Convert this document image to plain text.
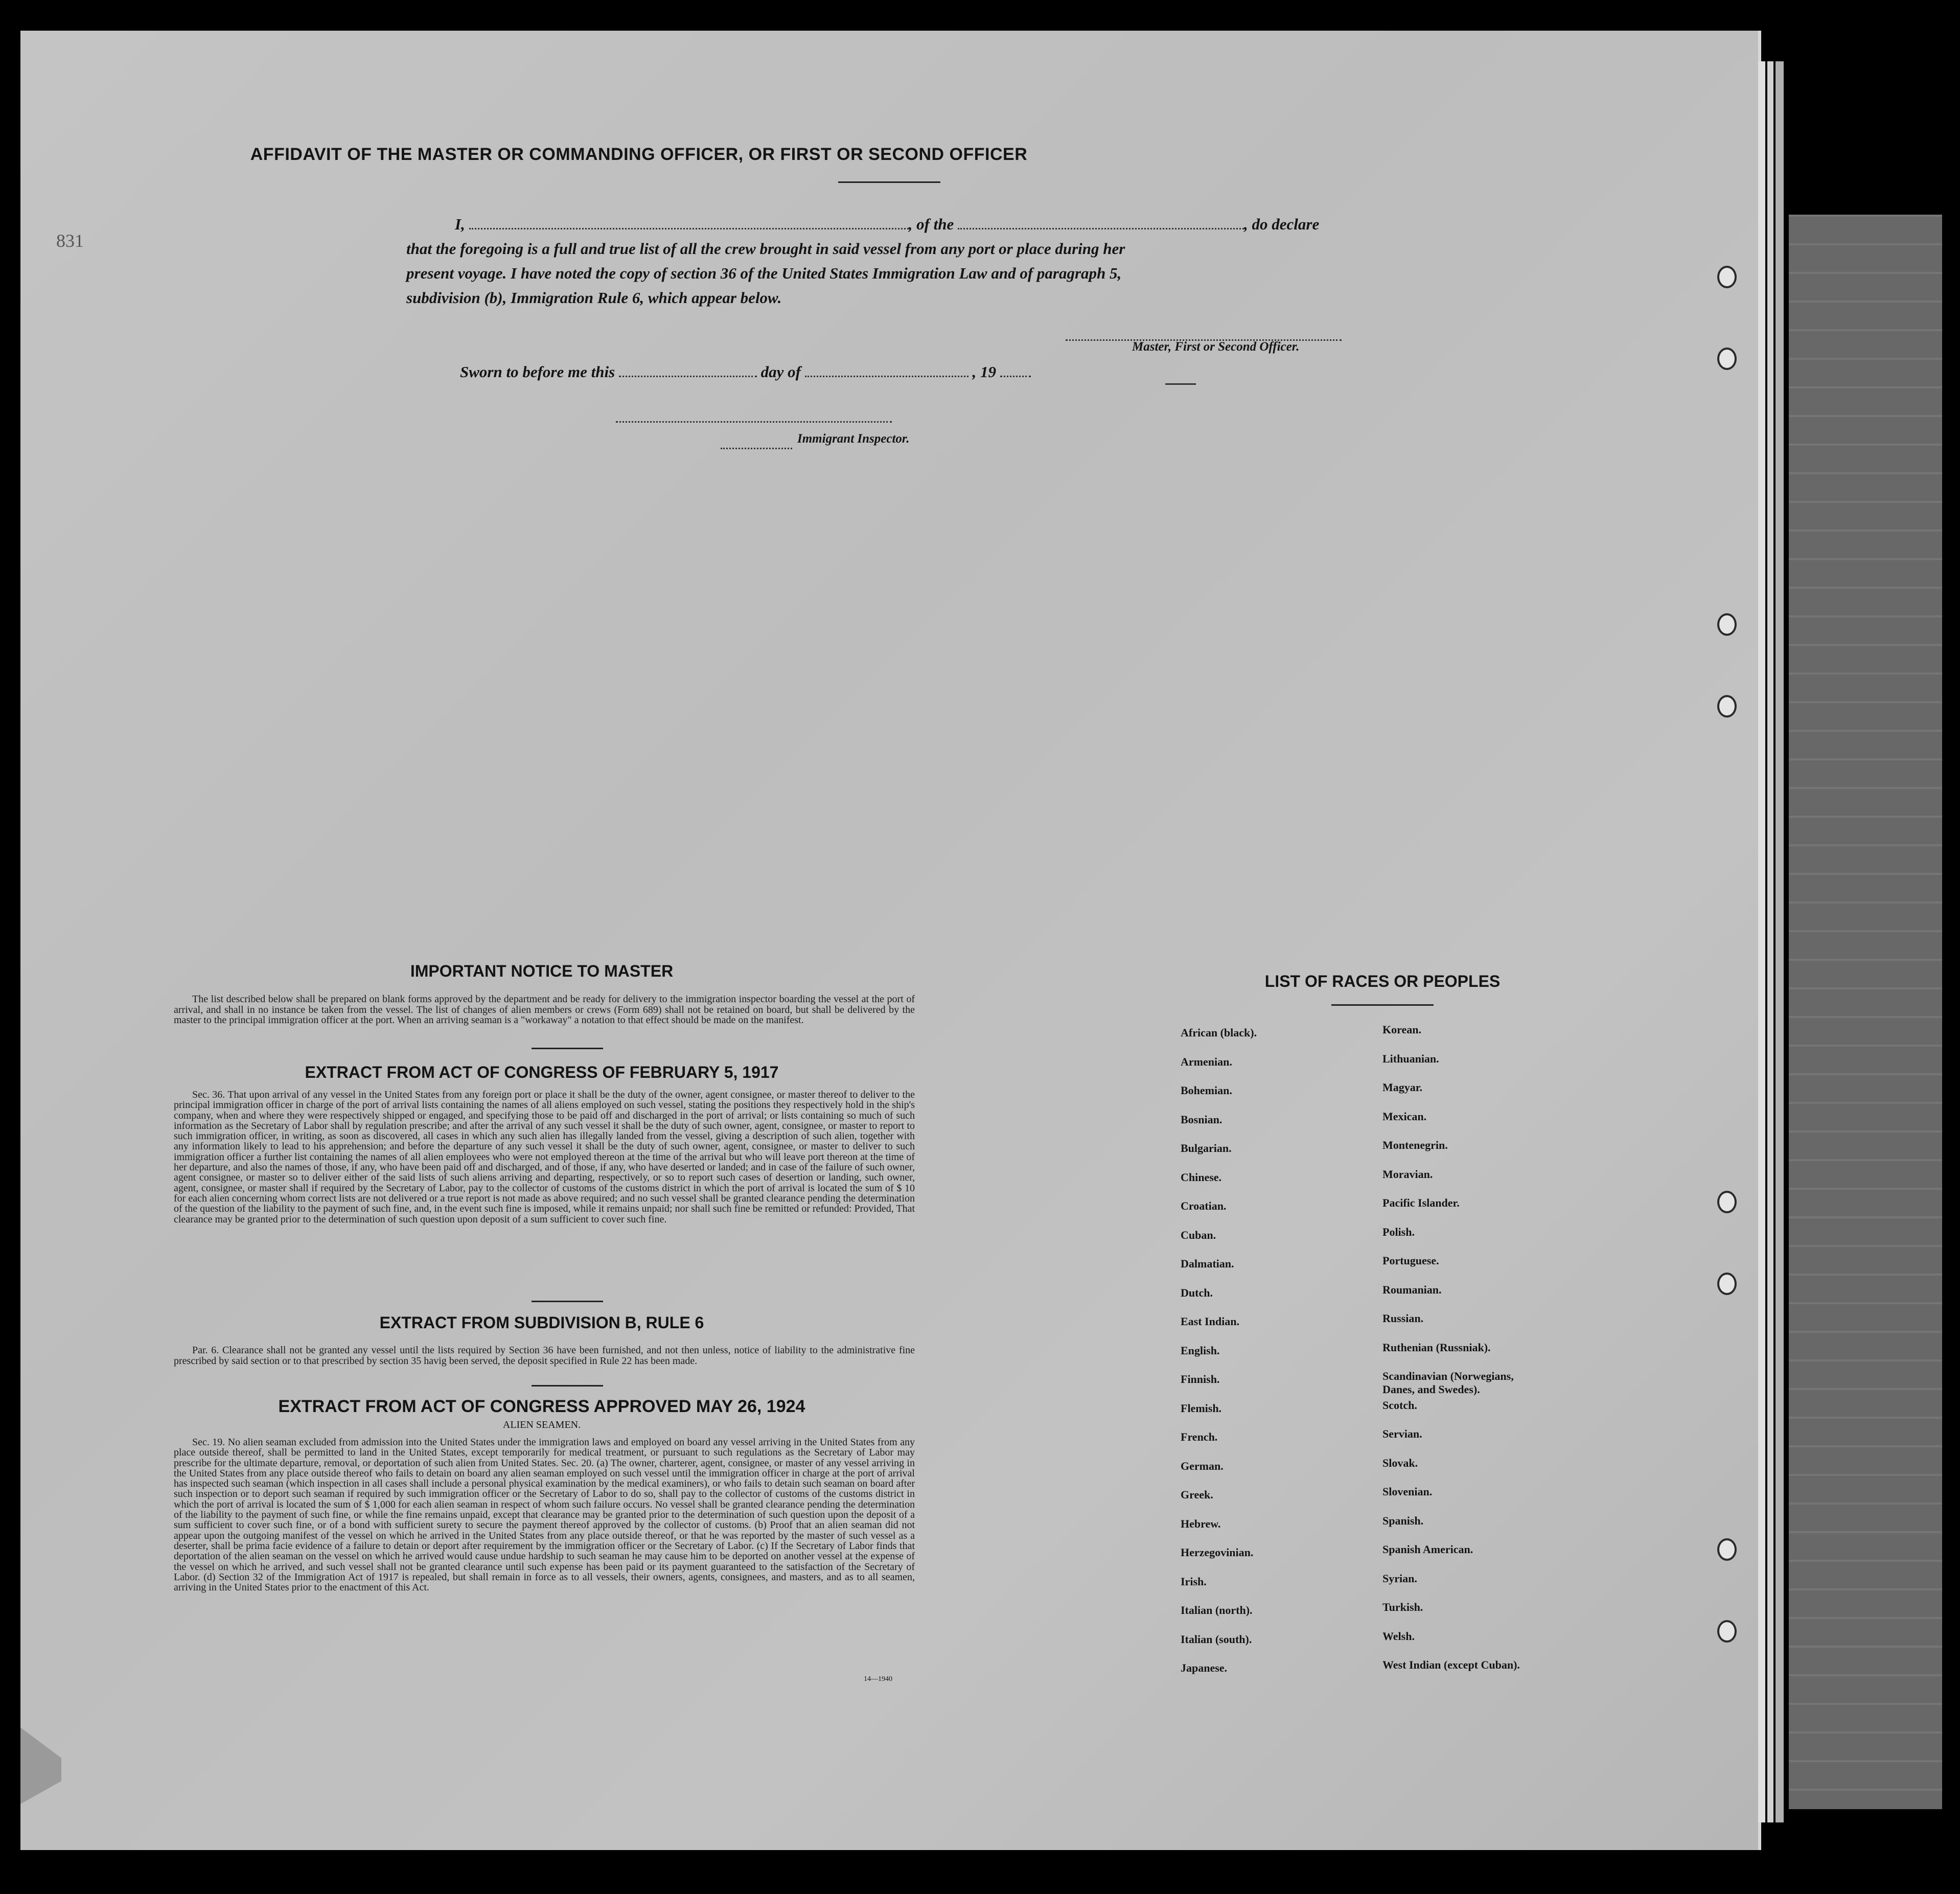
AFFIDAVIT OF THE MASTER OR COMMANDING OFFICER, OR FIRST OR SECOND OFFICER
831
I,	, of the	, do declare
that the foregoing is a full and true list of all the crew brought in said vessel from any port or place during her
present voyage. I have noted the copy of section 36 of the United States Immigration Law and of paragraph 5,
subdivision (b), Immigration Rule 6, which appear below.
Master, First or Second Officer.
Sworn to before me this	day of	, 19
Immigrant Inspector.
IMPORTANT NOTICE TO MASTER
The list described below shall be prepared on blank forms approved by the department and be ready for delivery to the immigration inspector boarding the vessel at the port of arrival, and shall in no instance be taken from the vessel. The list of changes of alien members or crews (Form 689) shall not be retained on board, but shall be delivered by the master to the principal immigration officer at the port. When an arriving seaman is a "workaway" a notation to that effect should be made on the manifest.
EXTRACT FROM ACT OF CONGRESS OF FEBRUARY 5, 1917
Sec. 36. That upon arrival of any vessel in the United States from any foreign port or place it shall be the duty of the owner, agent consignee, or master thereof to deliver to the principal immigration officer in charge of the port of arrival lists containing the names of all aliens employed on such vessel, stating the positions they respectively hold in the ship's company, when and where they were respectively shipped or engaged, and specifying those to be paid off and discharged in the port of arrival; or lists containing so much of such information as the Secretary of Labor shall by regulation prescribe; and after the arrival of any such vessel it shall be the duty of such owner, agent, consignee, or master to report to such immigration officer, in writing, as soon as discovered, all cases in which any such alien has illegally landed from the vessel, giving a description of such alien, together with any information likely to lead to his apprehension; and before the departure of any such vessel it shall be the duty of such owner, agent, consignee, or master to deliver to such immigration officer a further list containing the names of all alien employees who were not employed thereon at the time of the arrival but who will leave port thereon at the time of her departure, and also the names of those, if any, who have been paid off and discharged, and of those, if any, who have deserted or landed; and in case of the failure of such owner, agent consignee, or master so to deliver either of the said lists of such aliens arriving and departing, respectively, or so to report such cases of desertion or landing, such owner, agent, consignee, or master shall if required by the Secretary of Labor, pay to the collector of customs of the customs district in which the port of arrival is located the sum of $ 10 for each alien concerning whom correct lists are not delivered or a true report is not made as above required; and no such vessel shall be granted clearance pending the determination of the question of the liability to the payment of such fine, and, in the event such fine is imposed, while it remains unpaid; nor shall such fine be remitted or refunded: Provided, That clearance may be granted prior to the determination of such question upon deposit of a sum sufficient to cover such fine.
EXTRACT FROM SUBDIVISION B, RULE 6
Par. 6. Clearance shall not be granted any vessel until the lists required by Section 36 have been furnished, and not then unless, notice of liability to the administrative fine prescribed by said section or to that prescribed by section 35 havig been served, the deposit specified in Rule 22 has been made.
EXTRACT FROM ACT OF CONGRESS APPROVED MAY 26, 1924
ALIEN SEAMEN.
Sec. 19. No alien seaman excluded from admission into the United States under the immigration laws and employed on board any vessel arriving in the United States from any place outside thereof, shall be permitted to land in the United States, except temporarily for medical treatment, or pursuant to such regulations as the Secretary of Labor may prescribe for the ultimate departure, removal, or deportation of such alien from United States. Sec. 20. (a) The owner, charterer, agent, consignee, or master of any vessel arriving in the United States from any place outside thereof who fails to detain on board any alien seaman employed on such vessel until the immigration officer in charge at the port of arrival has inspected such seaman (which inspection in all cases shall include a personal physical examination by the medical examiners), or who fails to detain such seaman on board after such inspection or to deport such seaman if required by such immigration officer or the Secretary of Labor to do so, shall pay to the collector of customs of the customs district in which the port of arrival is located the sum of $ 1,000 for each alien seaman in respect of whom such failure occurs. No vessel shall be granted clearance pending the determination of the liability to the payment of such fine, or while the fine remains unpaid, except that clearance may be granted prior to the determination of such question upon the deposit of a sum sufficient to cover such fine, or of a bond with sufficient surety to secure the payment thereof approved by the collector of customs. (b) Proof that an alien seaman did not appear upon the outgoing manifest of the vessel on which he arrived in the United States from any place outside thereof, or that he was reported by the master of such vessel as a deserter, shall be prima facie evidence of a failure to detain or deport after requirement by the immigration officer or the Secretary of Labor. (c) If the Secretary of Labor finds that deportation of the alien seaman on the vessel on which he arrived would cause undue hardship to such seaman he may cause him to be deported on another vessel at the expense of the vessel on which he arrived, and such vessel shall not be granted clearance until such expense has been paid or its payment guaranteed to the satisfaction of the Secretary of Labor. (d) Section 32 of the Immigration Act of 1917 is repealed, but shall remain in force as to all vessels, their owners, agents, consignees, and masters, and as to all seamen, arriving in the United States prior to the enactment of this Act.
14—1940
LIST OF RACES OR PEOPLES
African (black).
Armenian.
Bohemian.
Bosnian.
Bulgarian.
Chinese.
Croatian.
Cuban.
Dalmatian.
Dutch.
East Indian.
English.
Finnish.
Flemish.
French.
German.
Greek.
Hebrew.
Herzegovinian.
Irish.
Italian (north).
Italian (south).
Japanese.
Korean.
Lithuanian.
Magyar.
Mexican.
Montenegrin.
Moravian.
Pacific Islander.
Polish.
Portuguese.
Roumanian.
Russian.
Ruthenian (Russniak).
Scandinavian (Norwegians,
Danes, and Swedes).
Scotch.
Servian.
Slovak.
Slovenian.
Spanish.
Spanish American.
Syrian.
Turkish.
Welsh.
West Indian (except Cuban).
